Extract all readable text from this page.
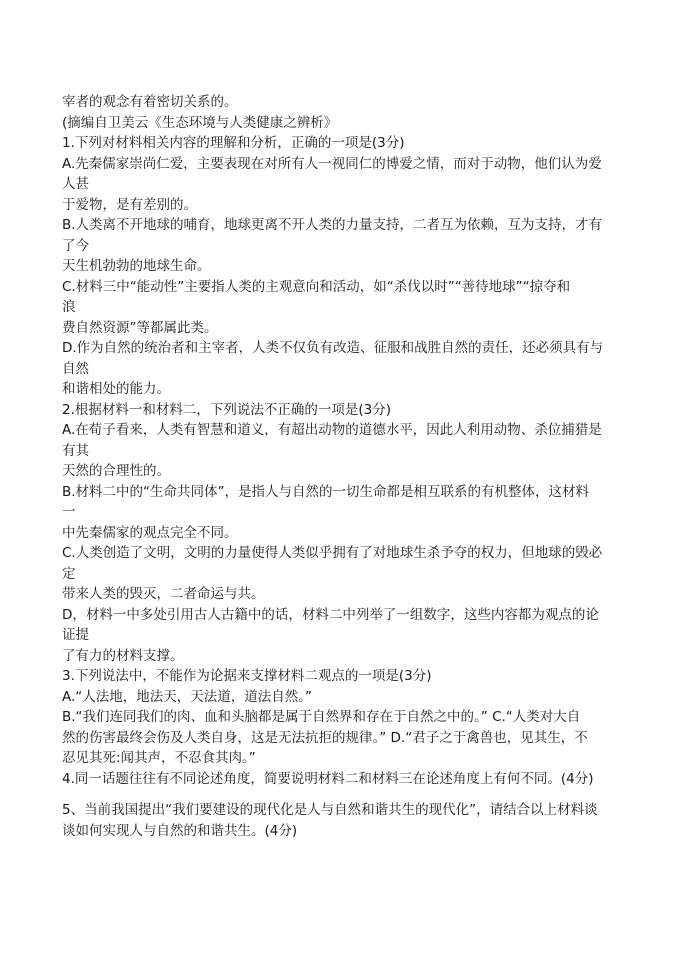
宰者的观念有着密切关系的。
(摘编自卫美云《生态环境与人类健康之辨析》
1.下列对材料相关内容的理解和分析，正确的一项是(3分)
A.先秦儒家崇尚仁爱，主要表现在对所有人一视同仁的博爱之情，而对于动物，他们认为爱
人甚
于爱物，是有差别的。
B.人类离不开地球的哺育，地球更离不开人类的力量支持，二者互为依赖，互为支持，才有
了今
天生机勃勃的地球生命。
C.材料三中“能动性”主要指人类的主观意向和活动，如“杀伐以时”“善待地球”“掠夺和
浪
费自然资源”等都属此类。
D.作为自然的统治者和主宰者，人类不仅负有改造、征服和战胜自然的责任，还必须具有与
自然
和谐相处的能力。
2.根据材料一和材料二，下列说法不正确的一项是(3分)
A.在荀子看来，人类有智慧和道义，有超出动物的道德水平，因此人利用动物、杀位捕猎是
有其
天然的合理性的。
B.材料二中的“生命共同体”，是指人与自然的一切生命都是相互联系的有机整体，这材料
一
中先秦儒家的观点完全不同。
C.人类创造了文明，文明的力量使得人类似乎拥有了对地球生杀予夺的权力，但地球的毁必
定
带来人类的毁灭，二者命运与共。
D，材料一中多处引用古人古籍中的话，材料二中列举了一组数字，这些内容都为观点的论
证提
了有力的材料支撑。
3.下列说法中，不能作为论据来支撑材料二观点的一项是(3分)
A.“人法地，地法天，天法道，道法自然。”
B.“我们连同我们的肉、血和头脑都是属于自然界和存在于自然之中的。” C.“人类对大自
然的伤害最终会伤及人类自身，这是无法抗拒的规律。” D.“君子之于禽兽也，见其生，不
忍见其死:闻其声，不忍食其肉。”
4.同一话题往往有不同论述角度，简要说明材料二和材料三在论述角度上有何不同。(4分)
5、当前我国提出“我们要建设的现代化是人与自然和谐共生的现代化”，请结合以上材料谈
谈如何实现人与自然的和谐共生。(4分)
